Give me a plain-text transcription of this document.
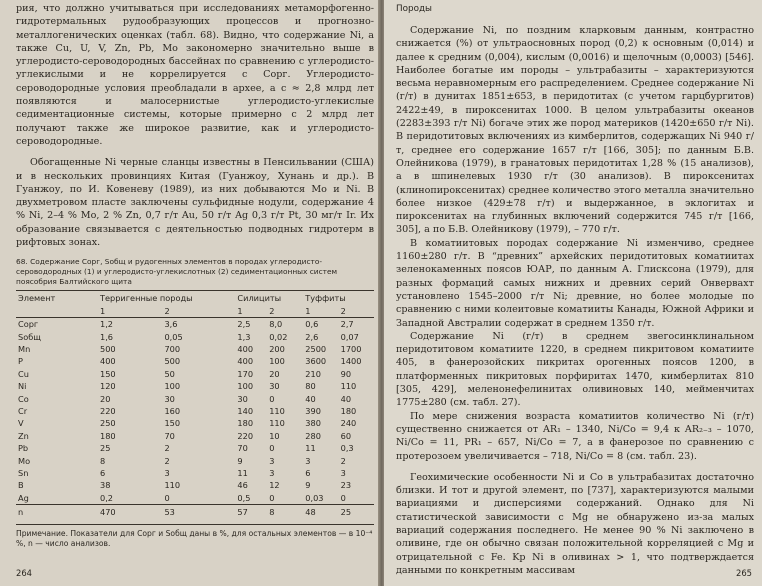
рия, что должно учитываться при исследованиях метаморфогенно-гидротермальных рудообразующих процессов и прогнозно-металлогенических оценках (табл. 68). Видно, что содержание Ni, а также Cu, U, V, Zn, Pb, Mo закономерно значительно выше в углеродисто-сероводородных бассейнах по сравнению с углеродисто-углекислыми и не коррелируется с Cорг. Углеродисто-сероводородные условия преобладали в архее, а с ≈ 2,8 млрд лет появляются и малосернистые углеродисто-углекислые седиментационные системы, которые примерно с 2 млрд лет получают также же широкое развитие, как и углеродисто-сероводородные.

Обогащенные Ni черные сланцы известны в Пенсильвании (США) и в нескольких провинциях Китая (Гуанжоу, Хунань и др.). В Гуанжоу, по И. Ковеневу (1989), из них добываются Mo и Ni. В двухметровом пласте заключены сульфидные нодули, содержание 4 % Ni, 2–4 % Mo, 2 % Zn, 0,7 г/т Au, 50 г/т Ag 0,3 г/т Pt, 30 мг/т Ir. Их образование связывается с деятельностью подводных гидротерм в рифтовых зонах.

68. Содержание Cорг, Sобщ и рудогенных элементов в породах углеродисто-сероводородных (1) и углеродисто-углекислотных (2) седиментационных систем поясобрия Балтийского щита
Элемент	Терригенные породы		Силициты		Туффиты	
	1	2	1	2	1	2
Cорг	1,2	3,6	2,5	8,0	0,6	2,7
Sобщ	1,6	0,05	1,3	0,02	2,6	0,07
Mn	500	700	400	200	2500	1700
P	400	500	400	100	3600	1400
Cu	150	50	170	20	210	90
Ni	120	100	100	30	80	110
Co	20	30	30	0	40	40
Cr	220	160	140	110	390	180
V	250	150	180	110	380	240
Zn	180	70	220	10	280	60
Pb	25	2	70	0	11	0,3
Mo	8	2	9	3	3	2
Sn	6	3	11	3	6	3
B	38	110	46	12	9	23
Ag	0,2	0	0,5	0	0,03	0
n	470	53	57	8	48	25
Примечание. Показатели для Cорг и Sобщ даны в %, для остальных элементов — в 10⁻⁴ %, n — число анализов.
264
Породы

Содержание Ni, по поздним кларковым данным, контрастно снижается (%) от ультраосновных пород (0,2) к основным (0,014) и далее к средним (0,004), кислым (0,0016) и щелочным (0,0003) [546]. Наиболее богатые им породы – ультрабазиты – характеризуются весьма неравномерным его распределением. Среднее содержание Ni (г/т) в дунитах 1851±653, в перидотитах (с учетом гарцбургитов) 2422±49, в пироксенитах 1000. В целом ультрабазиты океанов (2283±393 г/т Ni) богаче этих же пород материков (1420±650 г/т Ni). В перидотитовых включениях из кимберлитов, содержащих Ni 940 г/т, среднее его содержание 1657 г/т [166, 305]; по данным Б.В. Олейникова (1979), в гранатовых перидотитах 1,28 % (15 анализов), а в шпинелевых 1930 г/т (30 анализов). В пироксенитах (клинопироксенитах) среднее количество этого металла значительно более низкое (429±78 г/т) и выдержанное, в эклогитах и пироксенитах на глубинных включений содержится 745 г/т [166, 305], а по Б.В. Олейникову (1979), – 770 г/т.

В коматиитовых породах содержание Ni изменчиво, среднее 1160±280 г/т. В “древних” архейских перидотитовых коматиитах зеленокаменных поясов ЮАР, по данным А. Глисксона (1979), для разных формаций самых нижних и древних серий Онвервахт установлено 1545–2000 г/т Ni; древние, но более молодые по сравнению с ними колеитовые коматииты Канады, Южной Африки и Западной Австралии содержат в среднем 1350 г/т.

Содержание Ni (г/т) в среднем звегосинклинальном перидотитовом коматиите 1220, в среднем пикритовом коматиите 405, в фанерозойских пикритах орогенных поясов 1200, в платформенных пикритовых порфиритах 1470, кимберлитах 810 [305, 429], меленонефелинитах оливиновых 140, мейменчитах 1775±280 (см. табл. 27).

По мере снижения возраста коматиитов количество Ni (г/т) существенно снижается от AR₁ – 1340, Ni/Co = 9,4 к AR₂₋₃ – 1070, Ni/Co = 11, PR₁ – 657, Ni/Co = 7, а в фанерозое по сравнению с протерозоем увеличивается – 718, Ni/Co = 8 (см. табл. 23).

Геохимические особенности Ni и Co в ультрабазитах достаточно близки. И тот и другой элемент, по [737], характеризуются малыми вариациями и дисперсиями содержаний. Однако для Ni статистической зависимости с Mg не обнаружено из-за малых вариаций содержания последнего. Не менее 90 % Ni заключено в оливине, где он обычно связан положительной корреляцией с Mg и отрицательной с Fe. Kр Ni в оливинах > 1, что подтверждается данными по конкретным массивам	265
